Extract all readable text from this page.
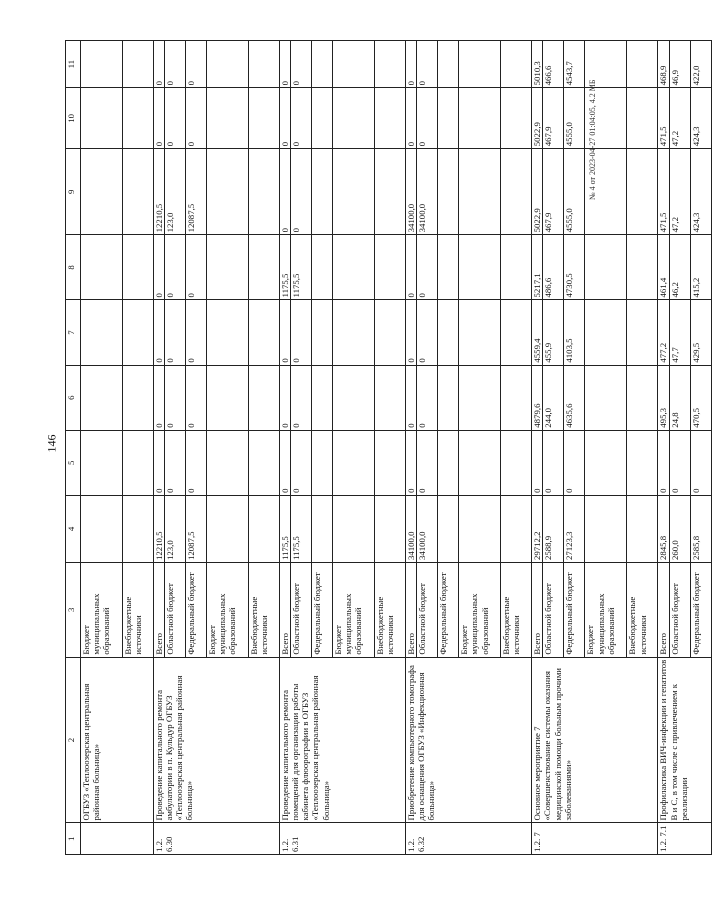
146
1	2	3	4	5	6	7	8	9	10	11
	ОГБУЗ «Теплоозерская центральная районная больница»	Бюджет муниципальных образований								
		Внебюджетные источники								
1.2. 6.30	Проведение капитального ремонта амбулатории в п. Кульдур ОГБУЗ «Теплоозерская центральная районная больница»	Всего	12210,5	0	0	0	0	12210,5	0	0
		Областной бюджет	123,0	0	0	0	0	123,0	0	0
		Федеральный бюджет	12087,5	0	0	0	0	12087,5	0	0
		Бюджет муниципальных образований								
		Внебюджетные источники								
1.2. 6.31	Проведение капитального ремонта помещений для организации работы кабинета флюорографии в ОГБУЗ «Теплоозерская центральная районная больница»	Всего	1175,5	0	0	0	1175,5	0	0	0
		Областной бюджет	1175,5	0	0	0	1175,5	0	0	0
		Федеральный бюджет								
		Бюджет муниципальных образований								
		Внебюджетные источники								
1.2. 6.32	Приобретение компьютерного томографа для оснащения ОГБУЗ «Инфекционная больница»	Всего	34100,0	0	0	0	0	34100,0	0	0
		Областной бюджет	34100,0	0	0	0	0	34100,0	0	0
		Федеральный бюджет								
		Бюджет муниципальных образований								
		Внебюджетные источники								
1.2. 7	Основное мероприятие 7 «Совершенствование системы оказания медицинской помощи больным прочими заболеваниями»	Всего	29712,2	0	4879,6	4559,4	5217,1	5022,9	5022,9	5010,3
		Областной бюджет	2588,9	0	244,0	455,9	486,6	467,9	467,9	466,6
		Федеральный бюджет	27123,3	0	4635,6	4103,5	4730,5	4555,0	4555,0	4543,7
		Бюджет муниципальных образований								
		Внебюджетные источники								
1.2. 7.1	Профилактика ВИЧ-инфекции и гепатитов В и С, в том числе с привлечением к реализации	Всего	2845,8	0	495,3	477,2	461,4	471,5	471,5	468,9
		Областной бюджет	260,0	0	24,8	47,7	46,2	47,2	47,2	46,9
		Федеральный бюджет	2585,8	0	470,5	429,5	415,2	424,3	424,3	422,0
№ 4 от 2023-04-27 01:04:05, 4.2 МБ
